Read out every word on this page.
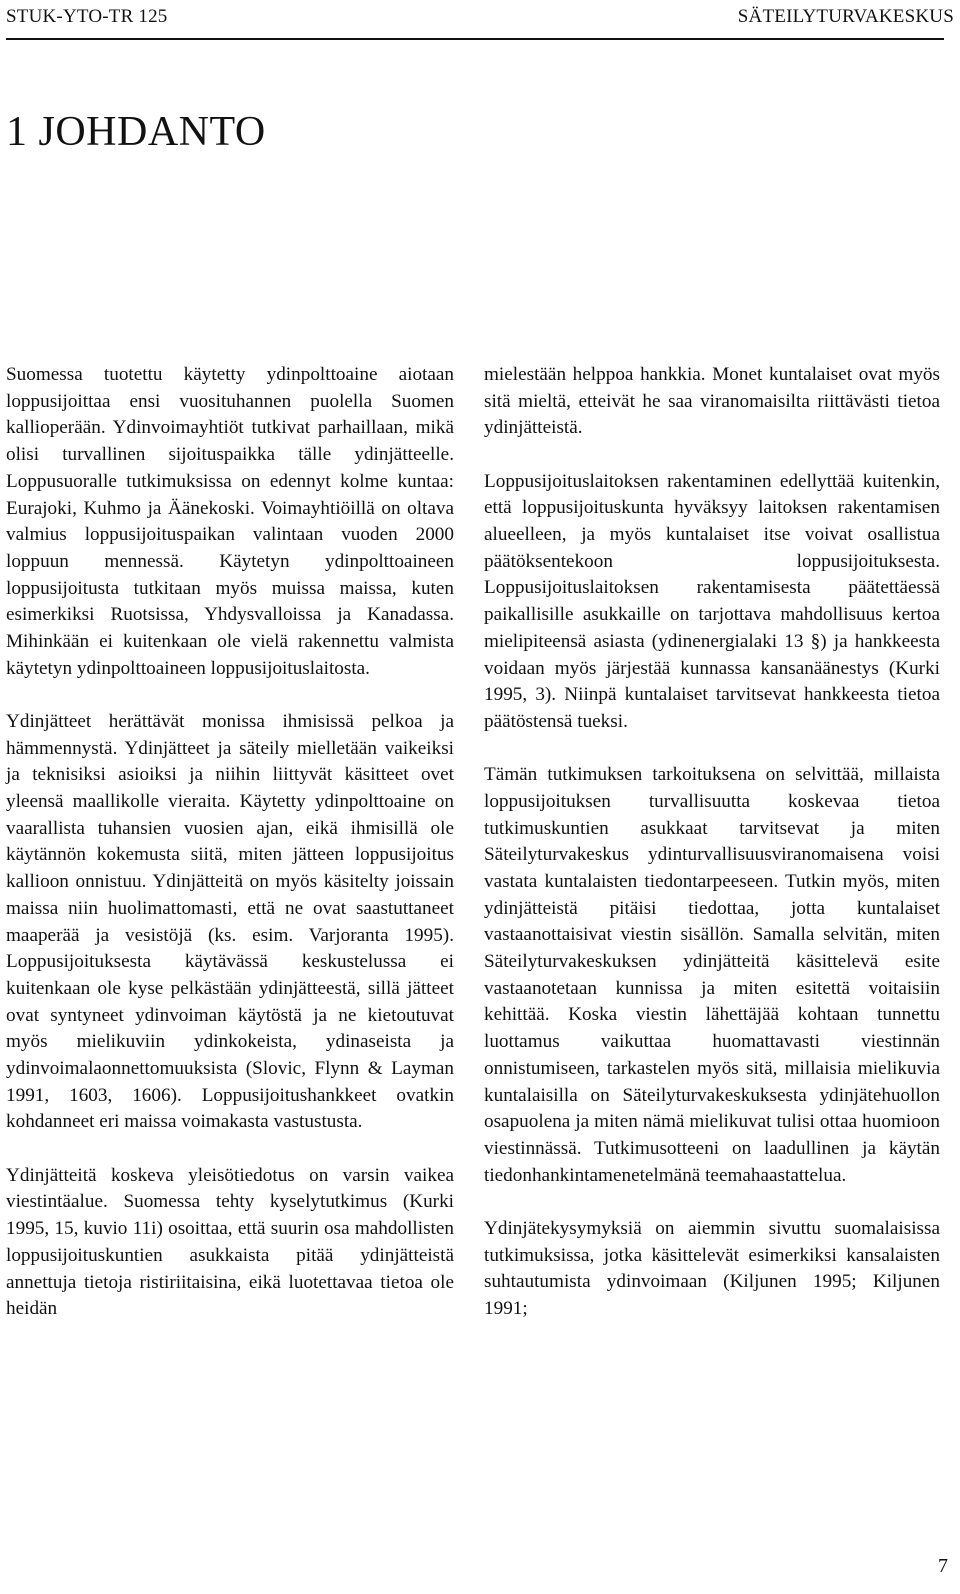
STUK-YTO-TR 125	SÄTEILYTURVAKESKUS
1 JOHDANTO

Suomessa tuotettu käytetty ydinpolttoaine aiotaan loppusijoittaa ensi vuosituhannen puolella Suomen kallioperään. Ydinvoimayhtiöt tutkivat parhaillaan, mikä olisi turvallinen sijoituspaikka tälle ydinjätteelle. Loppusuoralle tutkimuksissa on edennyt kolme kuntaa: Eurajoki, Kuhmo ja Äänekoski. Voimayhtiöillä on oltava valmius loppusijoituspaikan valintaan vuoden 2000 loppuun mennessä. Käytetyn ydinpolttoaineen loppusijoitusta tutkitaan myös muissa maissa, kuten esimerkiksi Ruotsissa, Yhdysvalloissa ja Kanadassa. Mihinkään ei kuitenkaan ole vielä rakennettu valmista käytetyn ydinpolttoaineen loppusijoituslaitosta.

Ydinjätteet herättävät monissa ihmisissä pelkoa ja hämmennystä. Ydinjätteet ja säteily mielletään vaikeiksi ja teknisiksi asioiksi ja niihin liittyvät käsitteet ovet yleensä maallikolle vieraita. Käytetty ydinpolttoaine on vaarallista tuhansien vuosien ajan, eikä ihmisillä ole käytännön kokemusta siitä, miten jätteen loppusijoitus kallioon onnistuu. Ydinjätteitä on myös käsitelty joissain maissa niin huolimattomasti, että ne ovat saastuttaneet maaperää ja vesistöjä (ks. esim. Varjoranta 1995). Loppusijoituksesta käytävässä keskustelussa ei kuitenkaan ole kyse pelkästään ydinjätteestä, sillä jätteet ovat syntyneet ydinvoiman käytöstä ja ne kietoutuvat myös mielikuviin ydinkokeista, ydinaseista ja ydinvoimalaonnettomuuksista (Slovic, Flynn & Layman 1991, 1603, 1606). Loppusijoitushankkeet ovatkin kohdanneet eri maissa voimakasta vastustusta.

Ydinjätteitä koskeva yleisötiedotus on varsin vaikea viestintäalue. Suomessa tehty kyselytutkimus (Kurki 1995, 15, kuvio 11i) osoittaa, että suurin osa mahdollisten loppusijoituskuntien asukkaista pitää ydinjätteistä annettuja tietoja ristiriitaisina, eikä luotettavaa tietoa ole heidän

mielestään helppoa hankkia. Monet kuntalaiset ovat myös sitä mieltä, etteivät he saa viranomaisilta riittävästi tietoa ydinjätteistä.

Loppusijoituslaitoksen rakentaminen edellyttää kuitenkin, että loppusijoituskunta hyväksyy laitoksen rakentamisen alueelleen, ja myös kuntalaiset itse voivat osallistua päätöksentekoon loppusijoituksesta. Loppusijoituslaitoksen rakentamisesta päätettäessä paikallisille asukkaille on tarjottava mahdollisuus kertoa mielipiteensä asiasta (ydinenergialaki 13 §) ja hankkeesta voidaan myös järjestää kunnassa kansanäänestys (Kurki 1995, 3). Niinpä kuntalaiset tarvitsevat hankkeesta tietoa päätöstensä tueksi.

Tämän tutkimuksen tarkoituksena on selvittää, millaista loppusijoituksen turvallisuutta koskevaa tietoa tutkimuskuntien asukkaat tarvitsevat ja miten Säteilyturvakeskus ydinturvallisuusviranomaisena voisi vastata kuntalaisten tiedontarpeeseen. Tutkin myös, miten ydinjätteistä pitäisi tiedottaa, jotta kuntalaiset vastaanottaisivat viestin sisällön. Samalla selvitän, miten Säteilyturvakeskuksen ydinjätteitä käsittelevä esite vastaanotetaan kunnissa ja miten esitettä voitaisiin kehittää. Koska viestin lähettäjää kohtaan tunnettu luottamus vaikuttaa huomattavasti viestinnän onnistumiseen, tarkastelen myös sitä, millaisia mielikuvia kuntalaisilla on Säteilyturvakeskuksesta ydinjätehuollon osapuolena ja miten nämä mielikuvat tulisi ottaa huomioon viestinnässä. Tutkimusotteeni on laadullinen ja käytän tiedonhankintamenetelmänä teemahaastattelua.

Ydinjätekysymyksiä on aiemmin sivuttu suomalaisissa tutkimuksissa, jotka käsittelevät esimerkiksi kansalaisten suhtautumista ydinvoimaan (Kiljunen 1995; Kiljunen 1991;

7
